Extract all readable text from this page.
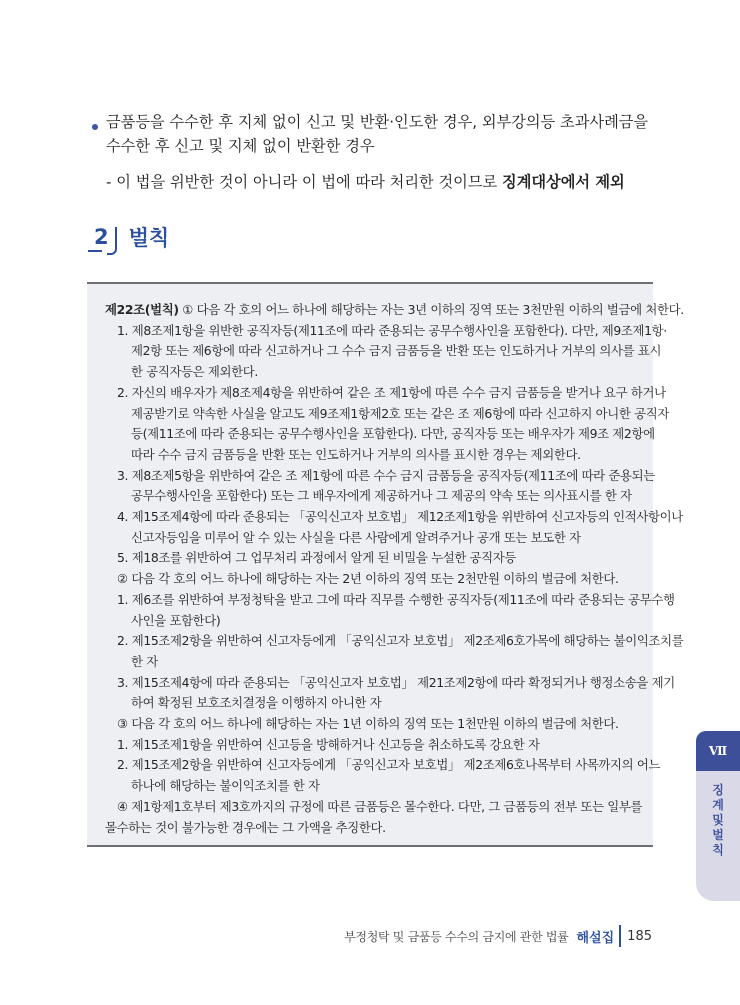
금품등을 수수한 후 지체 없이 신고 및 반환·인도한 경우, 외부강의등 초과사례금을 수수한 후 신고 및 지체 없이 반환한 경우
- 이 법을 위반한 것이 아니라 이 법에 따라 처리한 것이므로 징계대상에서 제외
2 벌칙
제22조(벌칙) ① 다음 각 호의 어느 하나에 해당하는 자는 3년 이하의 징역 또는 3천만원 이하의 벌금에 처한다.
1. 제8조제1항을 위반한 공직자등(제11조에 따라 준용되는 공무수행사인을 포함한다). 다만, 제9조제1항·
제2항 또는 제6항에 따라 신고하거나 그 수수 금지 금품등을 반환 또는 인도하거나 거부의 의사를 표시
한 공직자등은 제외한다.
2. 자신의 배우자가 제8조제4항을 위반하여 같은 조 제1항에 따른 수수 금지 금품등을 받거나 요구 하거나
제공받기로 약속한 사실을 알고도 제9조제1항제2호 또는 같은 조 제6항에 따라 신고하지 아니한 공직자
등(제11조에 따라 준용되는 공무수행사인을 포함한다). 다만, 공직자등 또는 배우자가 제9조 제2항에
따라 수수 금지 금품등을 반환 또는 인도하거나 거부의 의사를 표시한 경우는 제외한다.
3. 제8조제5항을 위반하여 같은 조 제1항에 따른 수수 금지 금품등을 공직자등(제11조에 따라 준용되는
공무수행사인을 포함한다) 또는 그 배우자에게 제공하거나 그 제공의 약속 또는 의사표시를 한 자
4. 제15조제4항에 따라 준용되는 「공익신고자 보호법」 제12조제1항을 위반하여 신고자등의 인적사항이나
신고자등임을 미루어 알 수 있는 사실을 다른 사람에게 알려주거나 공개 또는 보도한 자
5. 제18조를 위반하여 그 업무처리 과정에서 알게 된 비밀을 누설한 공직자등
② 다음 각 호의 어느 하나에 해당하는 자는 2년 이하의 징역 또는 2천만원 이하의 벌금에 처한다.
1. 제6조를 위반하여 부정청탁을 받고 그에 따라 직무를 수행한 공직자등(제11조에 따라 준용되는 공무수행
사인을 포함한다)
2. 제15조제2항을 위반하여 신고자등에게 「공익신고자 보호법」 제2조제6호가목에 해당하는 불이익조치를
한 자
3. 제15조제4항에 따라 준용되는 「공익신고자 보호법」 제21조제2항에 따라 확정되거나 행정소송을 제기
하여 확정된 보호조치결정을 이행하지 아니한 자
③ 다음 각 호의 어느 하나에 해당하는 자는 1년 이하의 징역 또는 1천만원 이하의 벌금에 처한다.
1. 제15조제1항을 위반하여 신고등을 방해하거나 신고등을 취소하도록 강요한 자
2. 제15조제2항을 위반하여 신고자등에게 「공익신고자 보호법」 제2조제6호나목부터 사목까지의 어느
하나에 해당하는 불이익조치를 한 자
④ 제1항제1호부터 제3호까지의 규정에 따른 금품등은 몰수한다. 다만, 그 금품등의 전부 또는 일부를
몰수하는 것이 불가능한 경우에는 그 가액을 추징한다.
Ⅶ
징계 및 벌칙
부정청탁 및 금품등 수수의 금지에 관한 법률 해설집 185
